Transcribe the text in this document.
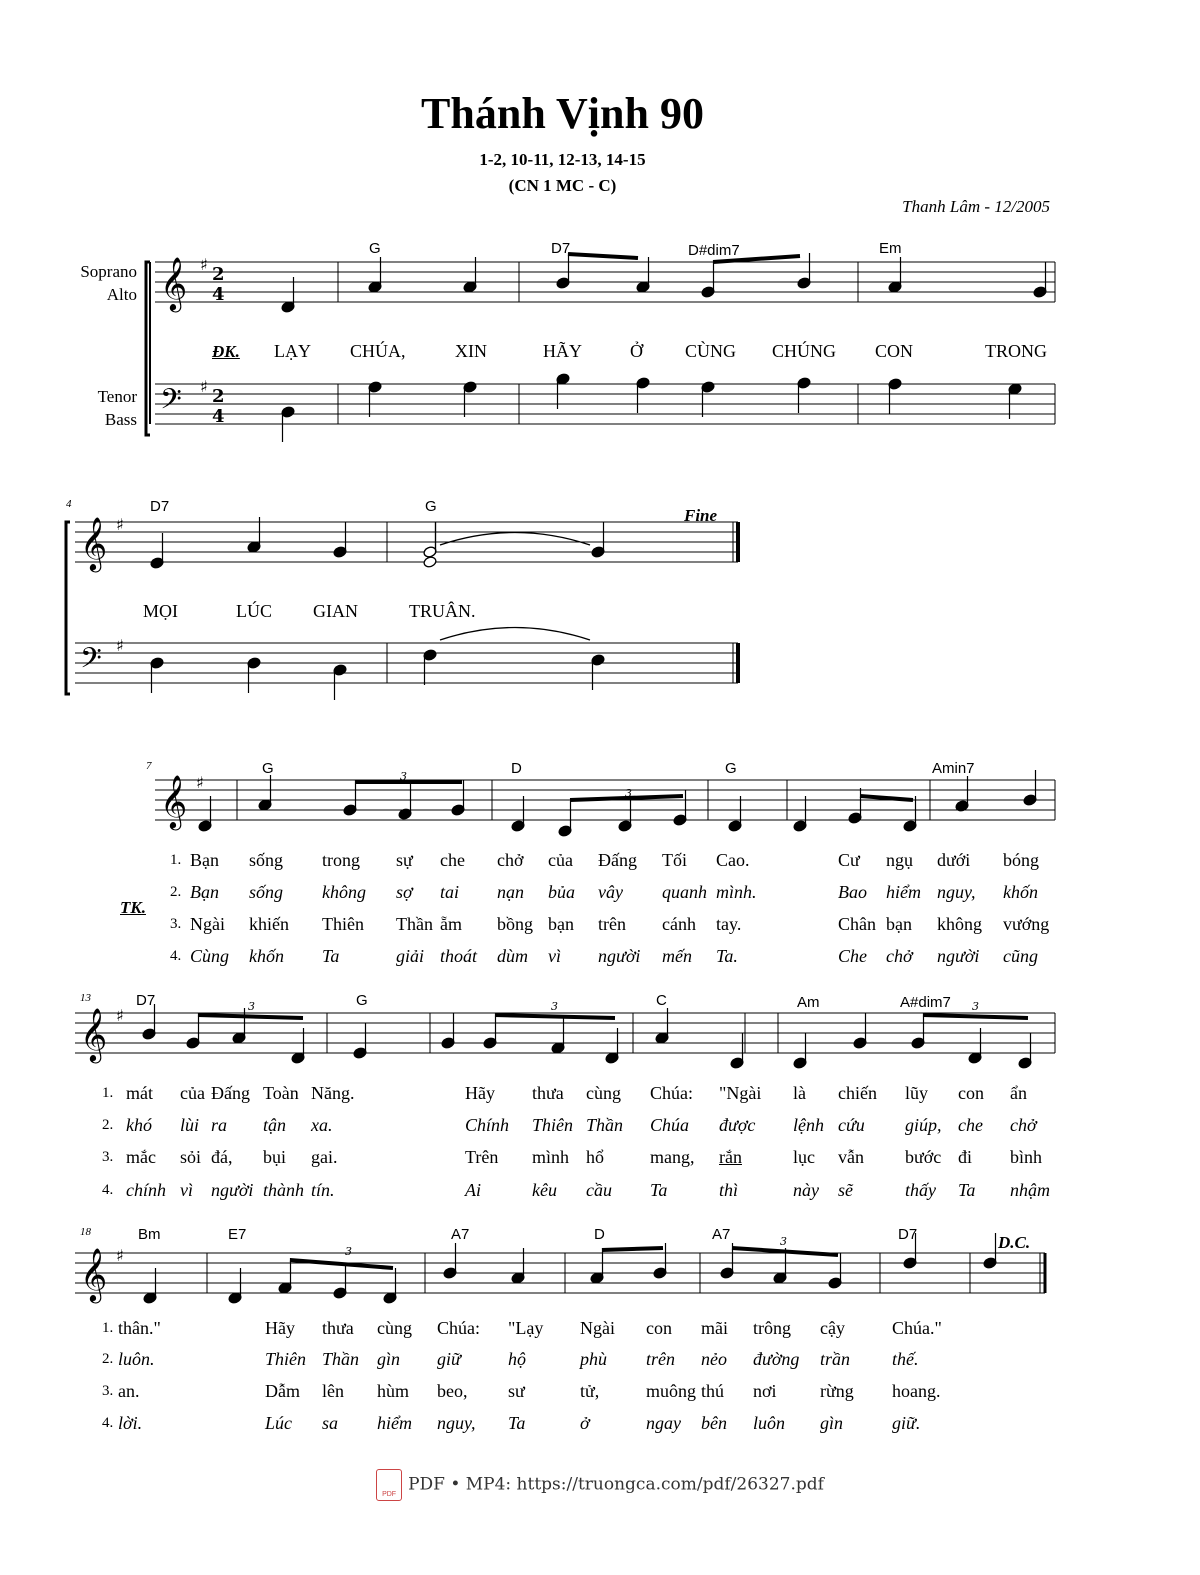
Thánh Vịnh 90
1-2, 10-11, 12-13, 14-15
(CN 1 MC - C)
Thanh Lâm - 12/2005
Soprano
Alto
Tenor
Bass
𝄞 ♯ 2
4
𝄢 ♯ 2
4
𝄞 ♯
𝄢 ♯
𝄞 ♯	3
3
𝄞 ♯	3	3	3
𝄞 ♯	3
3
G	D7	D#dim7	Em
ĐK. LẠY CHÚA,	XIN	HÃY	Ở CÙNG CHÚNG CON	TRONG
4	D7	G	Fine
MỌI	LÚC GIAN	TRUÂN.
7	G	D	G	Amin7
TK.
1. Bạn sống trong sự che chở của Đấng Tối Cao.	Cư ngụ dưới bóng
2. Bạn sống không sợ tai nạn bủa vây quanh mình.	Bao hiểm nguy, khốn
3. Ngài khiến Thiên Thần ẵm bồng bạn trên cánh tay.	Chân bạn không vướng
4. Cùng khốn Ta	giải thoát dùm vì người mến Ta.	Che chở người cũng
13	D7	G	C	Am	A#dim7
1. mát của Đấng Toàn Năng.	Hãy thưa cùng Chúa: "Ngài là chiến lũy con ẩn
2. khó lùi ra tận xa.	Chính Thiên Thần Chúa được lệnh cứu giúp, che chở
3. mắc sỏi đá, bụi gai.	Trên mình hổ	mang, rắn	lục vẫn bước đi bình
4. chính vì người thành tín.	Ai	kêu cầu Ta	thì	này sẽ	thấy Ta nhậm
18	Bm	E7	A7	D	A7	D7	D.C.
1. thân."	Hãy thưa cùng Chúa: "Lạy Ngài con mãi trông cậy	Chúa."
2. luôn.	Thiên Thần gìn giữ	hộ	phù trên nẻo đường trần thế.
3. an.	Dẫm lên hùm beo, sư	tử,	muông thú nơi rừng hoang.
4. lời.	Lúc sa hiểm nguy, Ta	ở	ngay bên luôn gìn	giữ.
PDF PDF • MP4: https://truongca.com/pdf/26327.pdf
